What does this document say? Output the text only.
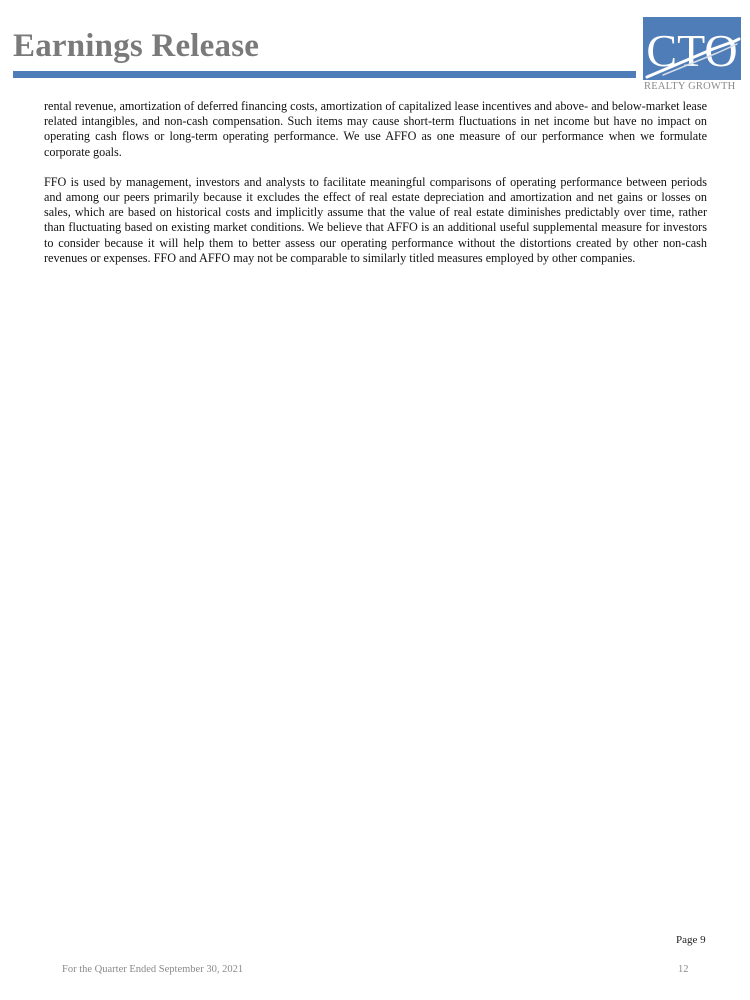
Earnings Release	CTO
REALTY GROWTH

rental revenue, amortization of deferred financing costs, amortization of capitalized lease incentives and above- and below-market lease related intangibles, and non-cash compensation. Such items may cause short-term fluctuations in net income but have no impact on operating cash flows or long-term operating performance. We use AFFO as one measure of our performance when we formulate corporate goals.

FFO is used by management, investors and analysts to facilitate meaningful comparisons of operating performance between periods and among our peers primarily because it excludes the effect of real estate depreciation and amortization and net gains or losses on sales, which are based on historical costs and implicitly assume that the value of real estate diminishes predictably over time, rather than fluctuating based on existing market conditions. We believe that AFFO is an additional useful supplemental measure for investors to consider because it will help them to better assess our operating performance without the distortions created by other non-cash revenues or expenses. FFO and AFFO may not be comparable to similarly titled measures employed by other companies.

Page 9
For the Quarter Ended September 30, 2021	12
